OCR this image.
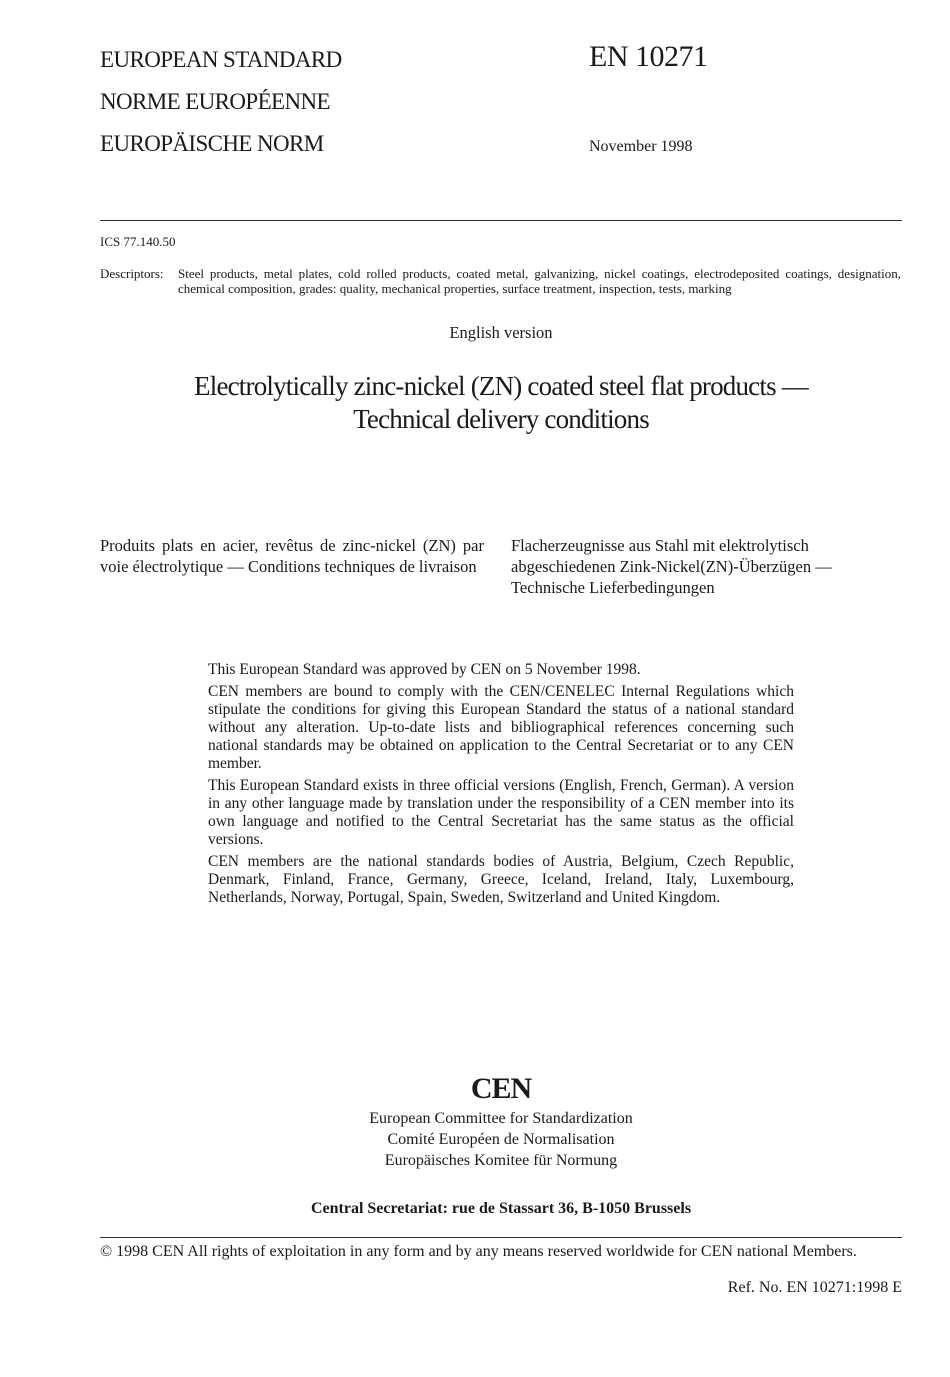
EUROPEAN STANDARD
NORME EUROPÉENNE
EUROPÄISCHE NORM
EN 10271
November 1998
ICS 77.140.50
Descriptors: Steel products, metal plates, cold rolled products, coated metal, galvanizing, nickel coatings, electrodeposited coatings, designation, chemical composition, grades: quality, mechanical properties, surface treatment, inspection, tests, marking
English version
Electrolytically zinc-nickel (ZN) coated steel flat products —
Technical delivery conditions
Produits plats en acier, revêtus de zinc-nickel (ZN) par voie électrolytique — Conditions techniques de livraison
Flacherzeugnisse aus Stahl mit elektrolytisch abgeschiedenen Zink-Nickel(ZN)-Überzügen — Technische Lieferbedingungen

This European Standard was approved by CEN on 5 November 1998.

CEN members are bound to comply with the CEN/CENELEC Internal Regulations which stipulate the conditions for giving this European Standard the status of a national standard without any alteration. Up-to-date lists and bibliographical references concerning such national standards may be obtained on application to the Central Secretariat or to any CEN member.

This European Standard exists in three official versions (English, French, German). A version in any other language made by translation under the responsibility of a CEN member into its own language and notified to the Central Secretariat has the same status as the official versions.

CEN members are the national standards bodies of Austria, Belgium, Czech Republic, Denmark, Finland, France, Germany, Greece, Iceland, Ireland, Italy, Luxembourg, Netherlands, Norway, Portugal, Spain, Sweden, Switzerland and United Kingdom.

CEN
European Committee for Standardization
Comité Européen de Normalisation
Europäisches Komitee für Normung
Central Secretariat: rue de Stassart 36, B-1050 Brussels
© 1998 CEN All rights of exploitation in any form and by any means reserved worldwide for CEN national Members.
Ref. No. EN 10271:1998 E
